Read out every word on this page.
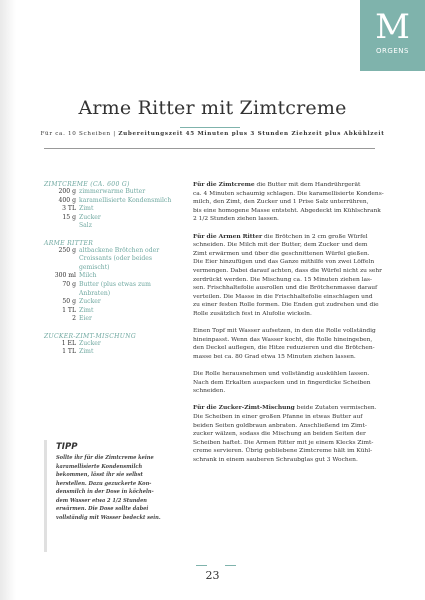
M
ORGENS
Arme Ritter mit Zimtcreme
Für ca. 10 Scheiben | Zubereitungszeit 45 Minuten plus 3 Stunden Ziehzeit plus Abkühlzeit
ZIMTCREME (CA. 600 G)
200 g zimmerwarme Butter
400 g karamellisierte Kondensmilch
3 TL Zimt
15 g Zucker
Salz
ARME RITTER
250 g altbackene Brötchen oder
Croissants (oder beides
gemischt)
300 ml Milch
70 g Butter (plus etwas zum
Anbraten)
50 g Zucker
1 TL Zimt
2 Eier
ZUCKER-ZIMT-MISCHUNG
1 EL Zucker
1 TL Zimt
TIPP
Sollte ihr für die Zimtcreme keine
karamellisierte Kondensmilch
bekommen, lässt ihr sie selbst
herstellen. Dazu gezuckerte Kon-
densmilch in der Dose in köcheln-
dem Wasser etwa 2 1/2 Stunden
erwärmen. Die Dose sollte dabei
vollständig mit Wasser bedeckt sein.

Für die Zimtcreme die Butter mit dem Handrührgerät
ca. 4 Minuten schaumig schlagen. Die karamellisierte Kondens-
milch, den Zimt, den Zucker und 1 Prise Salz unterrühren,
bis eine homogene Masse entsteht. Abgedeckt im Kühlschrank
2 1/2 Stunden ziehen lassen.

Für die Armen Ritter die Brötchen in 2 cm große Würfel
schneiden. Die Milch mit der Butter, dem Zucker und dem
Zimt erwärmen und über die geschnittenen Würfel gießen.
Die Eier hinzufügen und das Ganze mithilfe von zwei Löffeln
vermengen. Dabei darauf achten, dass die Würfel nicht zu sehr
zerdrückt werden. Die Mischung ca. 15 Minuten ziehen las-
sen. Frischhaltefolie ausrollen und die Brötchenmasse darauf
verteilen. Die Masse in die Frischhaltefolie einschlagen und
zu einer festen Rolle formen. Die Enden gut zudrehen und die
Rolle zusätzlich fest in Alufolie wickeln.

Einen Topf mit Wasser aufsetzen, in den die Rolle vollständig
hineinpasst. Wenn das Wasser kocht, die Rolle hineingeben,
den Deckel auflegen, die Hitze reduzieren und die Brötchen-
masse bei ca. 80 Grad etwa 15 Minuten ziehen lassen.

Die Rolle herausnehmen und vollständig auskühlen lassen.
Nach dem Erkalten auspacken und in fingerdicke Scheiben
schneiden.

Für die Zucker-Zimt-Mischung beide Zutaten vermischen.
Die Scheiben in einer großen Pfanne in etwas Butter auf
beiden Seiten goldbraun anbraten. Anschließend im Zimt-
zucker wälzen, sodass die Mischung an beiden Seiten der
Scheiben haftet. Die Armen Ritter mit je einem Klecks Zimt-
creme servieren. Übrig gebliebene Zimtcreme hält im Kühl-
schrank in einem sauberen Schraubglas gut 3 Wochen.

23
